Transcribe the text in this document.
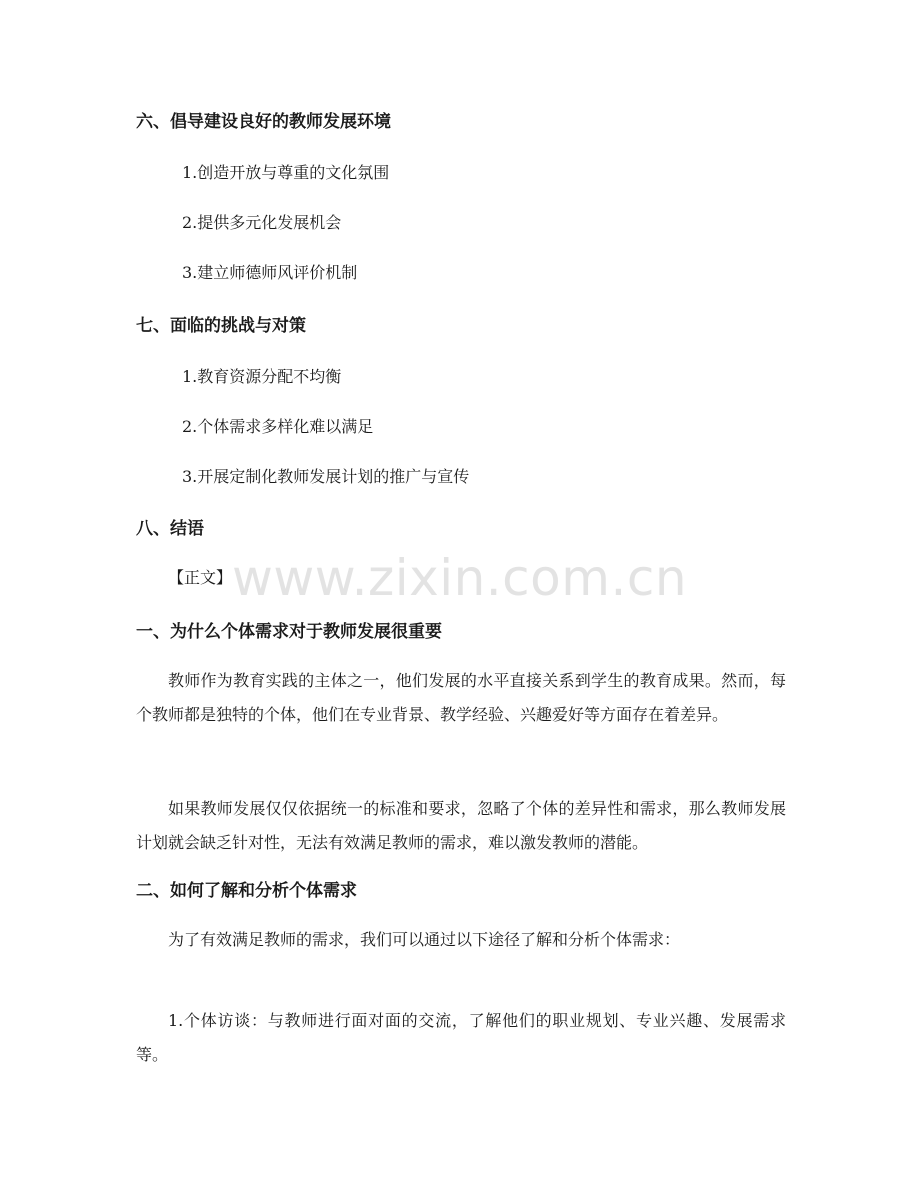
www.zixin.com.cn
六、倡导建设良好的教师发展环境
1.创造开放与尊重的文化氛围
2.提供多元化发展机会
3.建立师德师风评价机制
七、面临的挑战与对策
1.教育资源分配不均衡
2.个体需求多样化难以满足
3.开展定制化教师发展计划的推广与宣传
八、结语
【正文】
一、为什么个体需求对于教师发展很重要

教师作为教育实践的主体之一，他们发展的水平直接关系到学生的教育成果。然而，每个教师都是独特的个体，他们在专业背景、教学经验、兴趣爱好等方面存在着差异。

如果教师发展仅仅依据统一的标准和要求，忽略了个体的差异性和需求，那么教师发展计划就会缺乏针对性，无法有效满足教师的需求，难以激发教师的潜能。

二、如何了解和分析个体需求

为了有效满足教师的需求，我们可以通过以下途径了解和分析个体需求：

1.个体访谈：与教师进行面对面的交流，了解他们的职业规划、专业兴趣、发展需求等。
